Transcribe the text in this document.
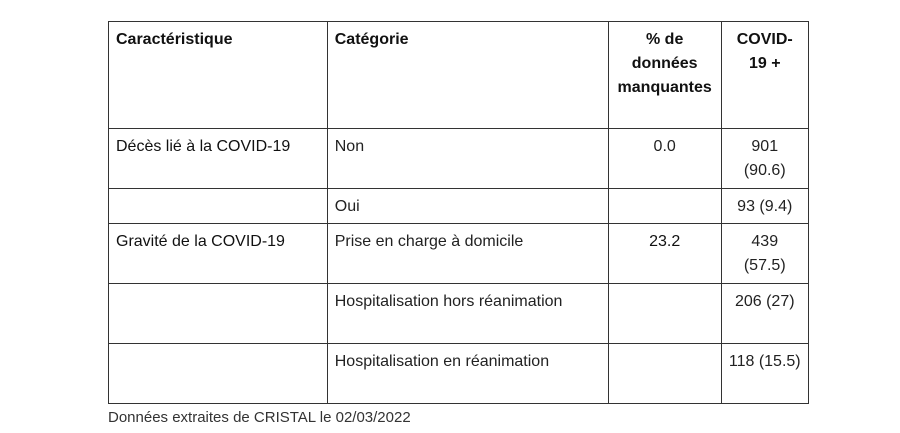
Caractéristique	Catégorie	% de données manquantes	COVID-19 +
Décès lié à la COVID-19	Non	0.0	901 (90.6)
	Oui		93 (9.4)
Gravité de la COVID-19	Prise en charge à domicile	23.2	439 (57.5)
	Hospitalisation hors réanimation		206 (27)
	Hospitalisation en réanimation		118 (15.5)
Données extraites de CRISTAL le 02/03/2022
